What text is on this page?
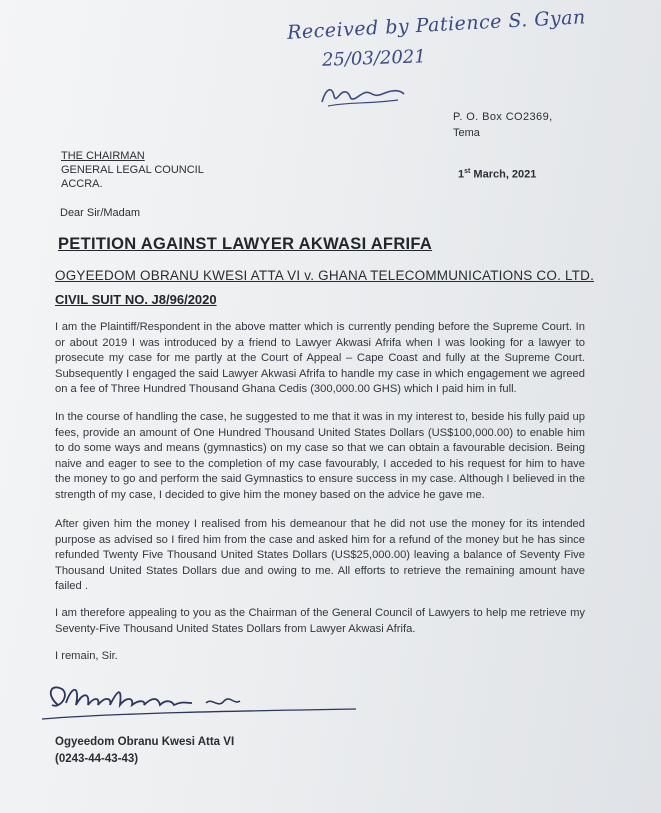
Received by Patience S. Gyan
25/03/2021
P. O. Box CO2369,
Tema
THE CHAIRMAN
GENERAL LEGAL COUNCIL
ACCRA.
1st March, 2021
Dear Sir/Madam
PETITION AGAINST LAWYER AKWASI AFRIFA
OGYEEDOM OBRANU KWESI ATTA VI v. GHANA TELECOMMUNICATIONS CO. LTD.
CIVIL SUIT NO. J8/96/2020
I am the Plaintiff/Respondent in the above matter which is currently pending before the Supreme Court. In or about 2019 I was introduced by a friend to Lawyer Akwasi Afrifa when I was looking for a lawyer to prosecute my case for me partly at the Court of Appeal – Cape Coast and fully at the Supreme Court. Subsequently I engaged the said Lawyer Akwasi Afrifa to handle my case in which engagement we agreed on a fee of Three Hundred Thousand Ghana Cedis (300,000.00 GHS) which I paid him in full.
In the course of handling the case, he suggested to me that it was in my interest to, beside his fully paid up fees, provide an amount of One Hundred Thousand United States Dollars (US$100,000.00) to enable him to do some ways and means (gymnastics) on my case so that we can obtain a favourable decision. Being naive and eager to see to the completion of my case favourably, I acceded to his request for him to have the money to go and perform the said Gymnastics to ensure success in my case. Although I believed in the strength of my case, I decided to give him the money based on the advice he gave me.
After given him the money I realised from his demeanour that he did not use the money for its intended purpose as advised so I fired him from the case and asked him for a refund of the money but he has since refunded Twenty Five Thousand United States Dollars (US$25,000.00) leaving a balance of Seventy Five Thousand United States Dollars due and owing to me. All efforts to retrieve the remaining amount have failed .
I am therefore appealing to you as the Chairman of the General Council of Lawyers to help me retrieve my Seventy-Five Thousand United States Dollars from Lawyer Akwasi Afrifa.
I remain, Sir.
Ogyeedom Obranu Kwesi Atta VI
(0243-44-43-43)
